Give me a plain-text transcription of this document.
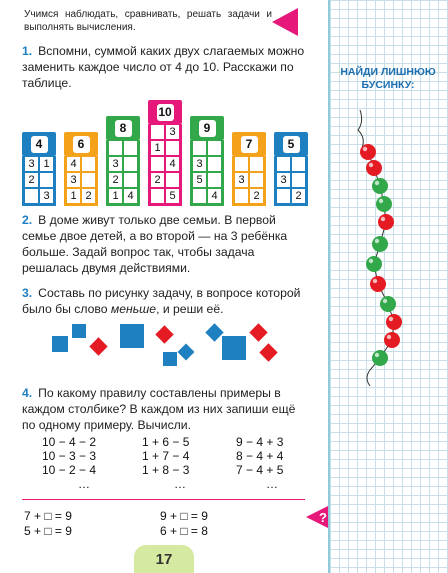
Учимся наблюдать, сравнивать, решать задачи и выполнять вычисления.
1. Вспомни, суммой каких двух слагаемых можно заменить каждое число от 4 до 10. Расскажи по таблице.
4
3 1
2
3
6
4
3
1 2
8
3
2
1 4
10
3
1
4
2
5
9
3
5
4
7
3
2
5
3
2
2. В доме живут только две семьи. В первой семье двое детей, а во второй — на 3 ребёнка больше. Задай вопрос так, чтобы задача решалась двумя действиями.
3. Составь по рисунку задачу, в вопросе которой было бы слово меньше, и реши её.
4. По какому правилу составлены примеры в каждом столбике? В каждом из них запиши ещё по одному примеру. Вычисли.
10 − 4 − 2
10 − 3 − 3
10 − 2 − 4
…
1 + 6 − 5
1 + 7 − 4
1 + 8 − 3
…
9 − 4 + 3
8 − 4 + 4
7 − 4 + 5
…
7 + □ = 9
5 + □ = 9
9 + □ = 9
6 + □ = 8
?
17
НАЙДИ ЛИШНЮЮ БУСИНКУ:
